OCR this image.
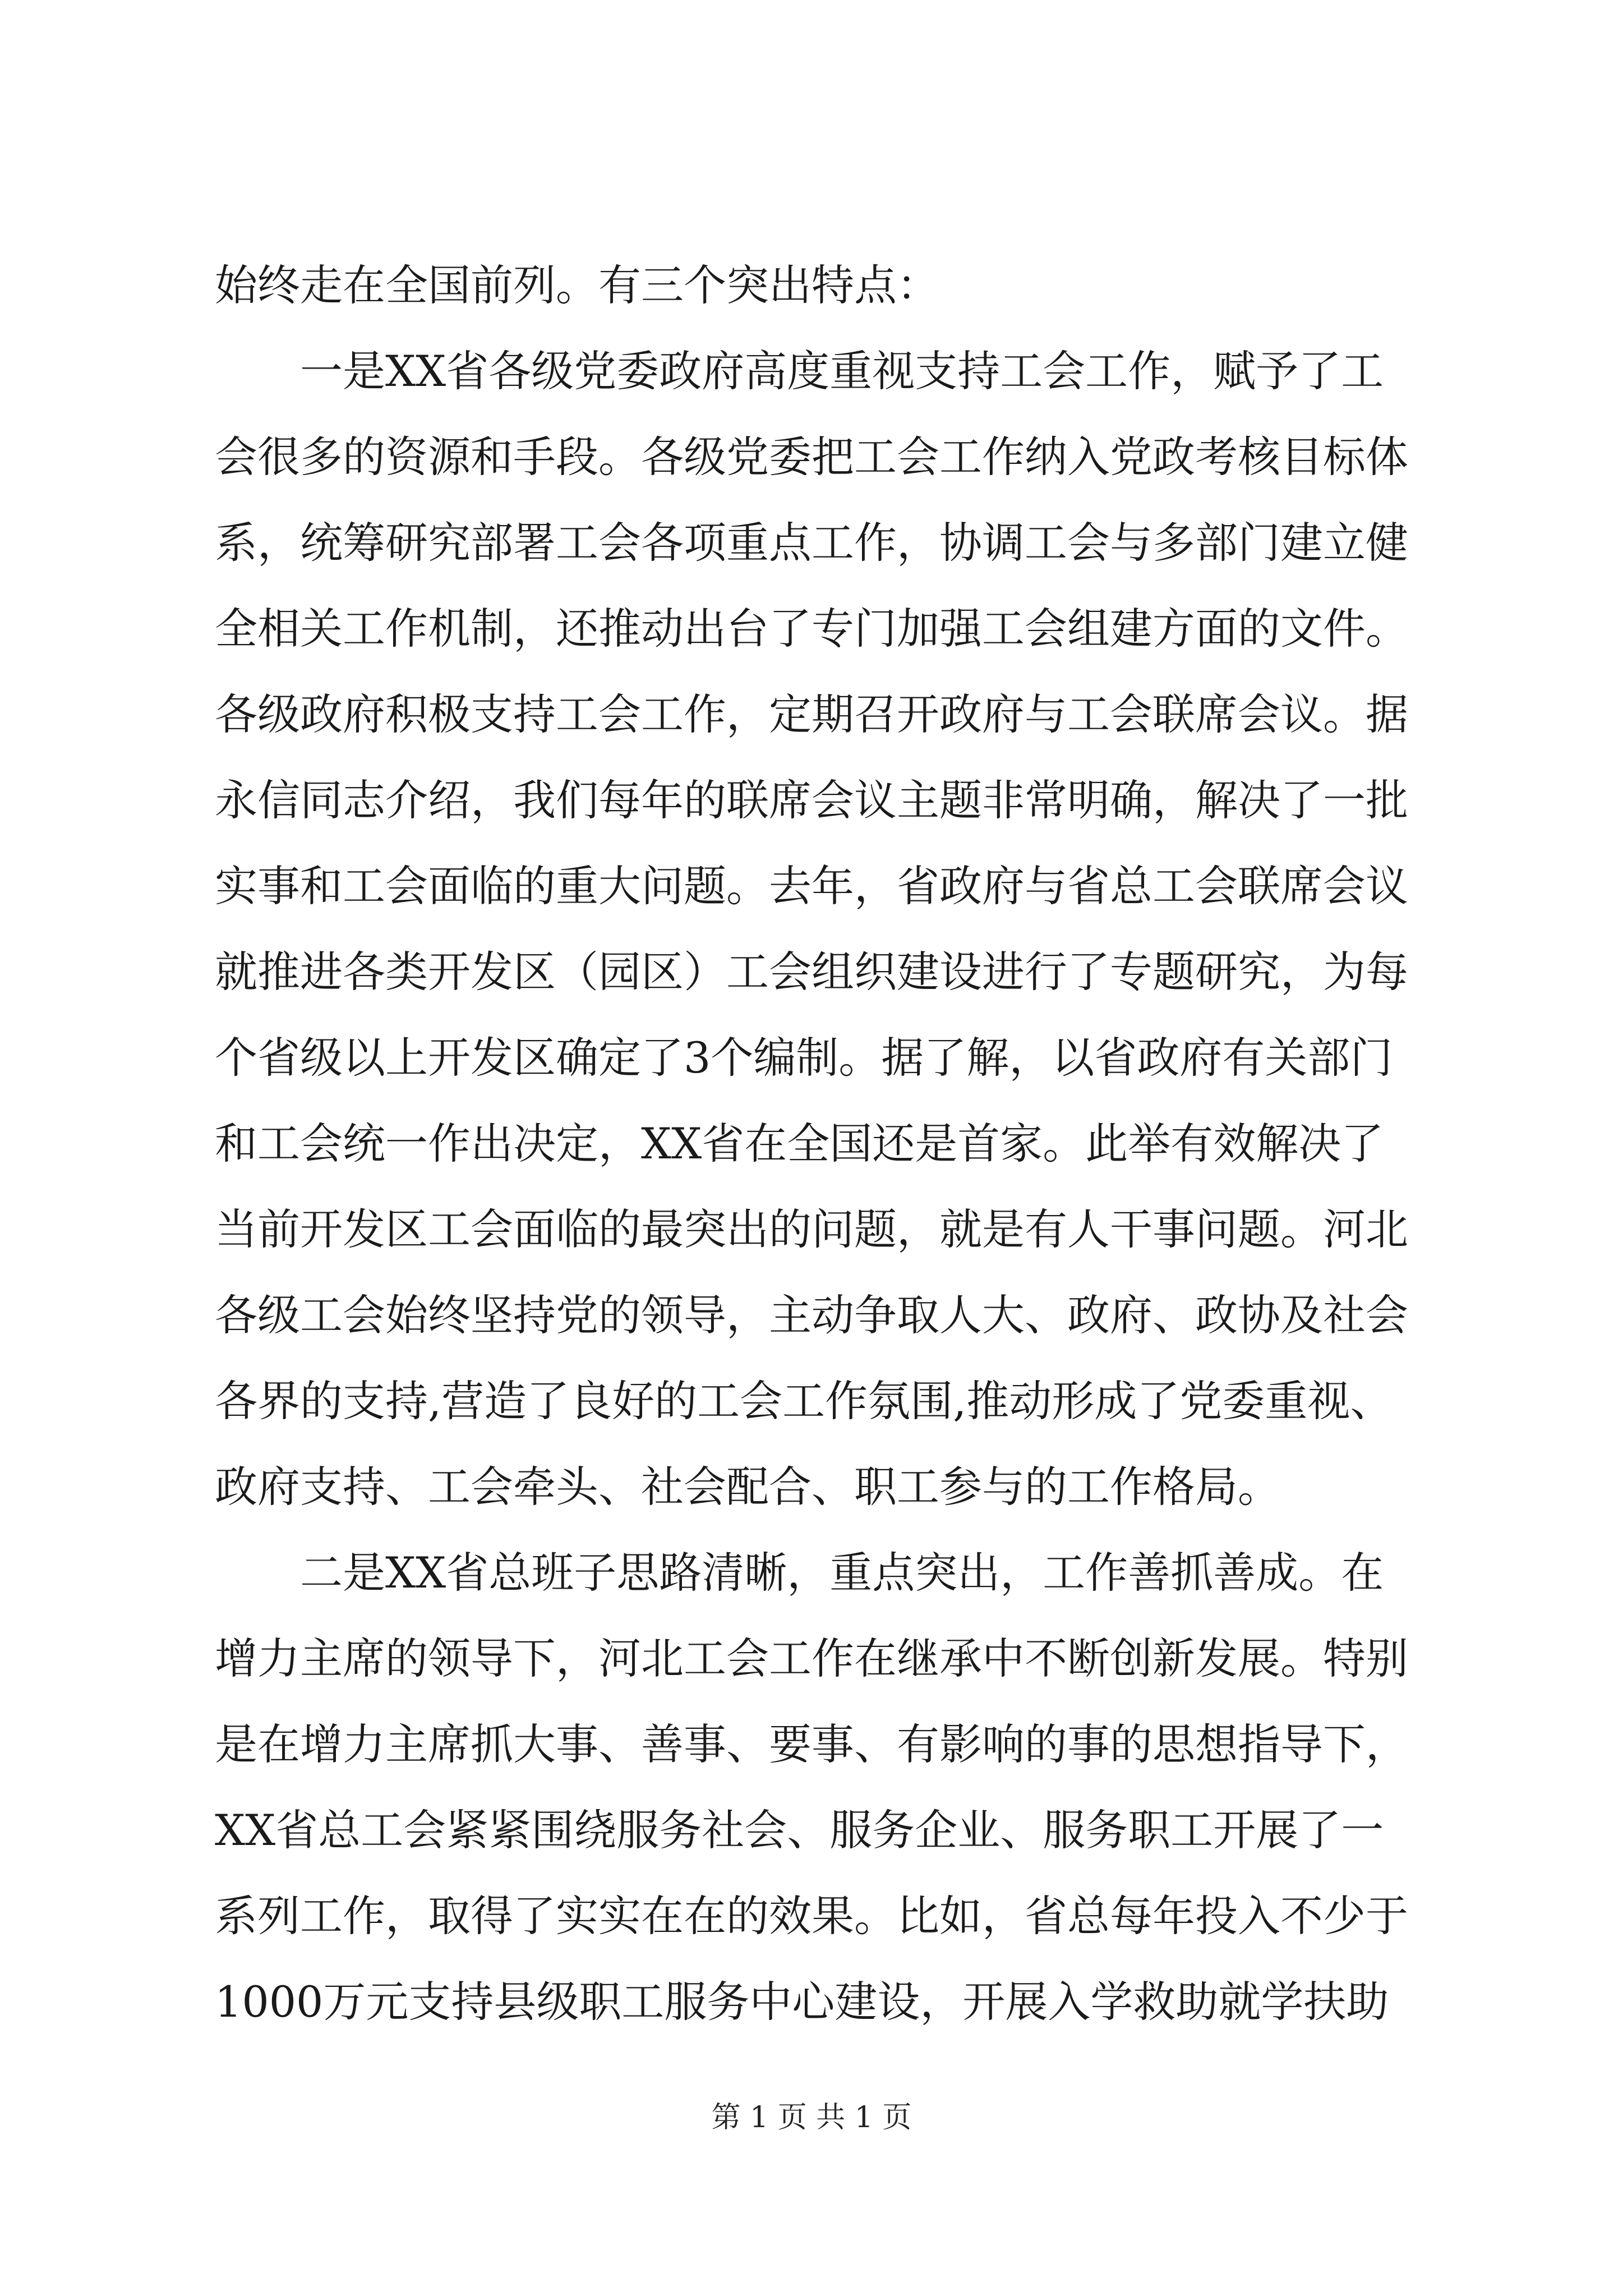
始终走在全国前列。有三个突出特点：
　　一是XX省各级党委政府高度重视支持工会工作，赋予了工
会很多的资源和手段。各级党委把工会工作纳入党政考核目标体
系，统筹研究部署工会各项重点工作，协调工会与多部门建立健
全相关工作机制，还推动出台了专门加强工会组建方面的文件。
各级政府积极支持工会工作，定期召开政府与工会联席会议。据
永信同志介绍，我们每年的联席会议主题非常明确，解决了一批
实事和工会面临的重大问题。去年，省政府与省总工会联席会议
就推进各类开发区（园区）工会组织建设进行了专题研究，为每
个省级以上开发区确定了3个编制。据了解，以省政府有关部门
和工会统一作出决定，XX省在全国还是首家。此举有效解决了
当前开发区工会面临的最突出的问题，就是有人干事问题。河北
各级工会始终坚持党的领导，主动争取人大、政府、政协及社会
各界的支持,营造了良好的工会工作氛围,推动形成了党委重视、
政府支持、工会牵头、社会配合、职工参与的工作格局。
　　二是XX省总班子思路清晰，重点突出，工作善抓善成。在
增力主席的领导下，河北工会工作在继承中不断创新发展。特别
是在增力主席抓大事、善事、要事、有影响的事的思想指导下，
XX省总工会紧紧围绕服务社会、服务企业、服务职工开展了一
系列工作，取得了实实在在的效果。比如，省总每年投入不少于
1000万元支持县级职工服务中心建设，开展入学救助就学扶助
第 1 页 共 1 页
